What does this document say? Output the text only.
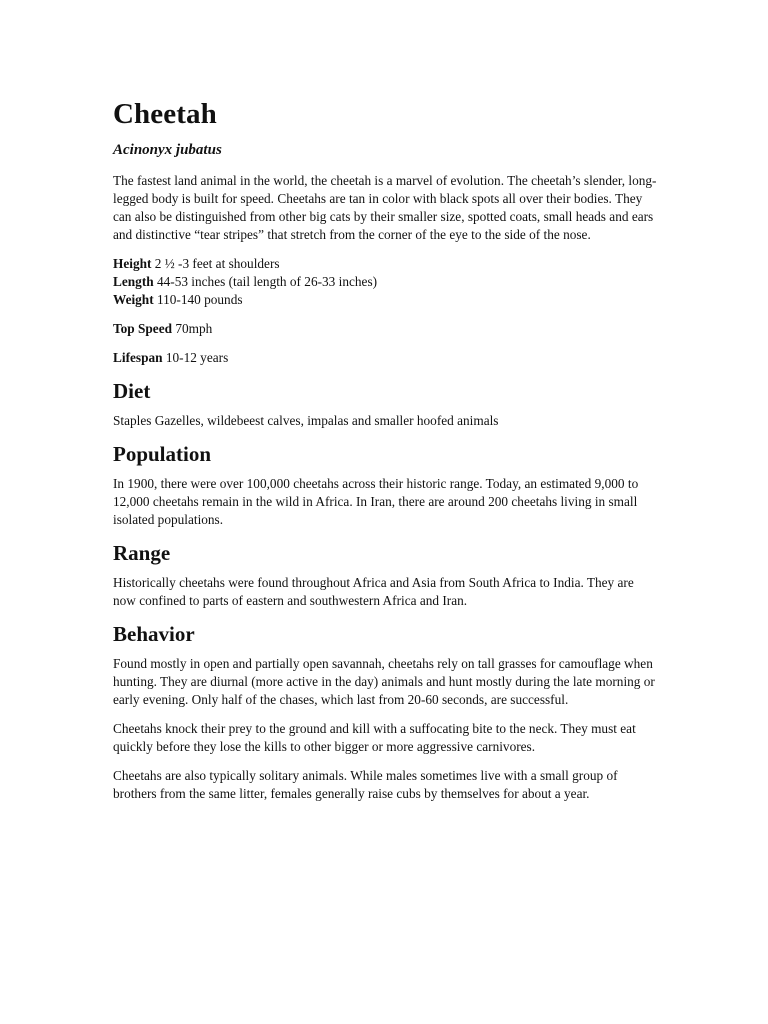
Cheetah
Acinonyx jubatus

The fastest land animal in the world, the cheetah is a marvel of evolution. The cheetah’s slender, long-legged body is built for speed. Cheetahs are tan in color with black spots all over their bodies. They can also be distinguished from other big cats by their smaller size, spotted coats, small heads and ears and distinctive “tear stripes” that stretch from the corner of the eye to the side of the nose.

Height 2 ½ -3 feet at shoulders
Length 44-53 inches (tail length of 26-33 inches)
Weight 110-140 pounds
Top Speed 70mph
Lifespan 10-12 years
Diet

Staples Gazelles, wildebeest calves, impalas and smaller hoofed animals

Population

In 1900, there were over 100,000 cheetahs across their historic range. Today, an estimated 9,000 to 12,000 cheetahs remain in the wild in Africa. In Iran, there are around 200 cheetahs living in small isolated populations.

Range

Historically cheetahs were found throughout Africa and Asia from South Africa to India. They are now confined to parts of eastern and southwestern Africa and Iran.

Behavior

Found mostly in open and partially open savannah, cheetahs rely on tall grasses for camouflage when hunting. They are diurnal (more active in the day) animals and hunt mostly during the late morning or early evening. Only half of the chases, which last from 20-60 seconds, are successful.

Cheetahs knock their prey to the ground and kill with a suffocating bite to the neck. They must eat quickly before they lose the kills to other bigger or more aggressive carnivores.

Cheetahs are also typically solitary animals. While males sometimes live with a small group of brothers from the same litter, females generally raise cubs by themselves for about a year.
